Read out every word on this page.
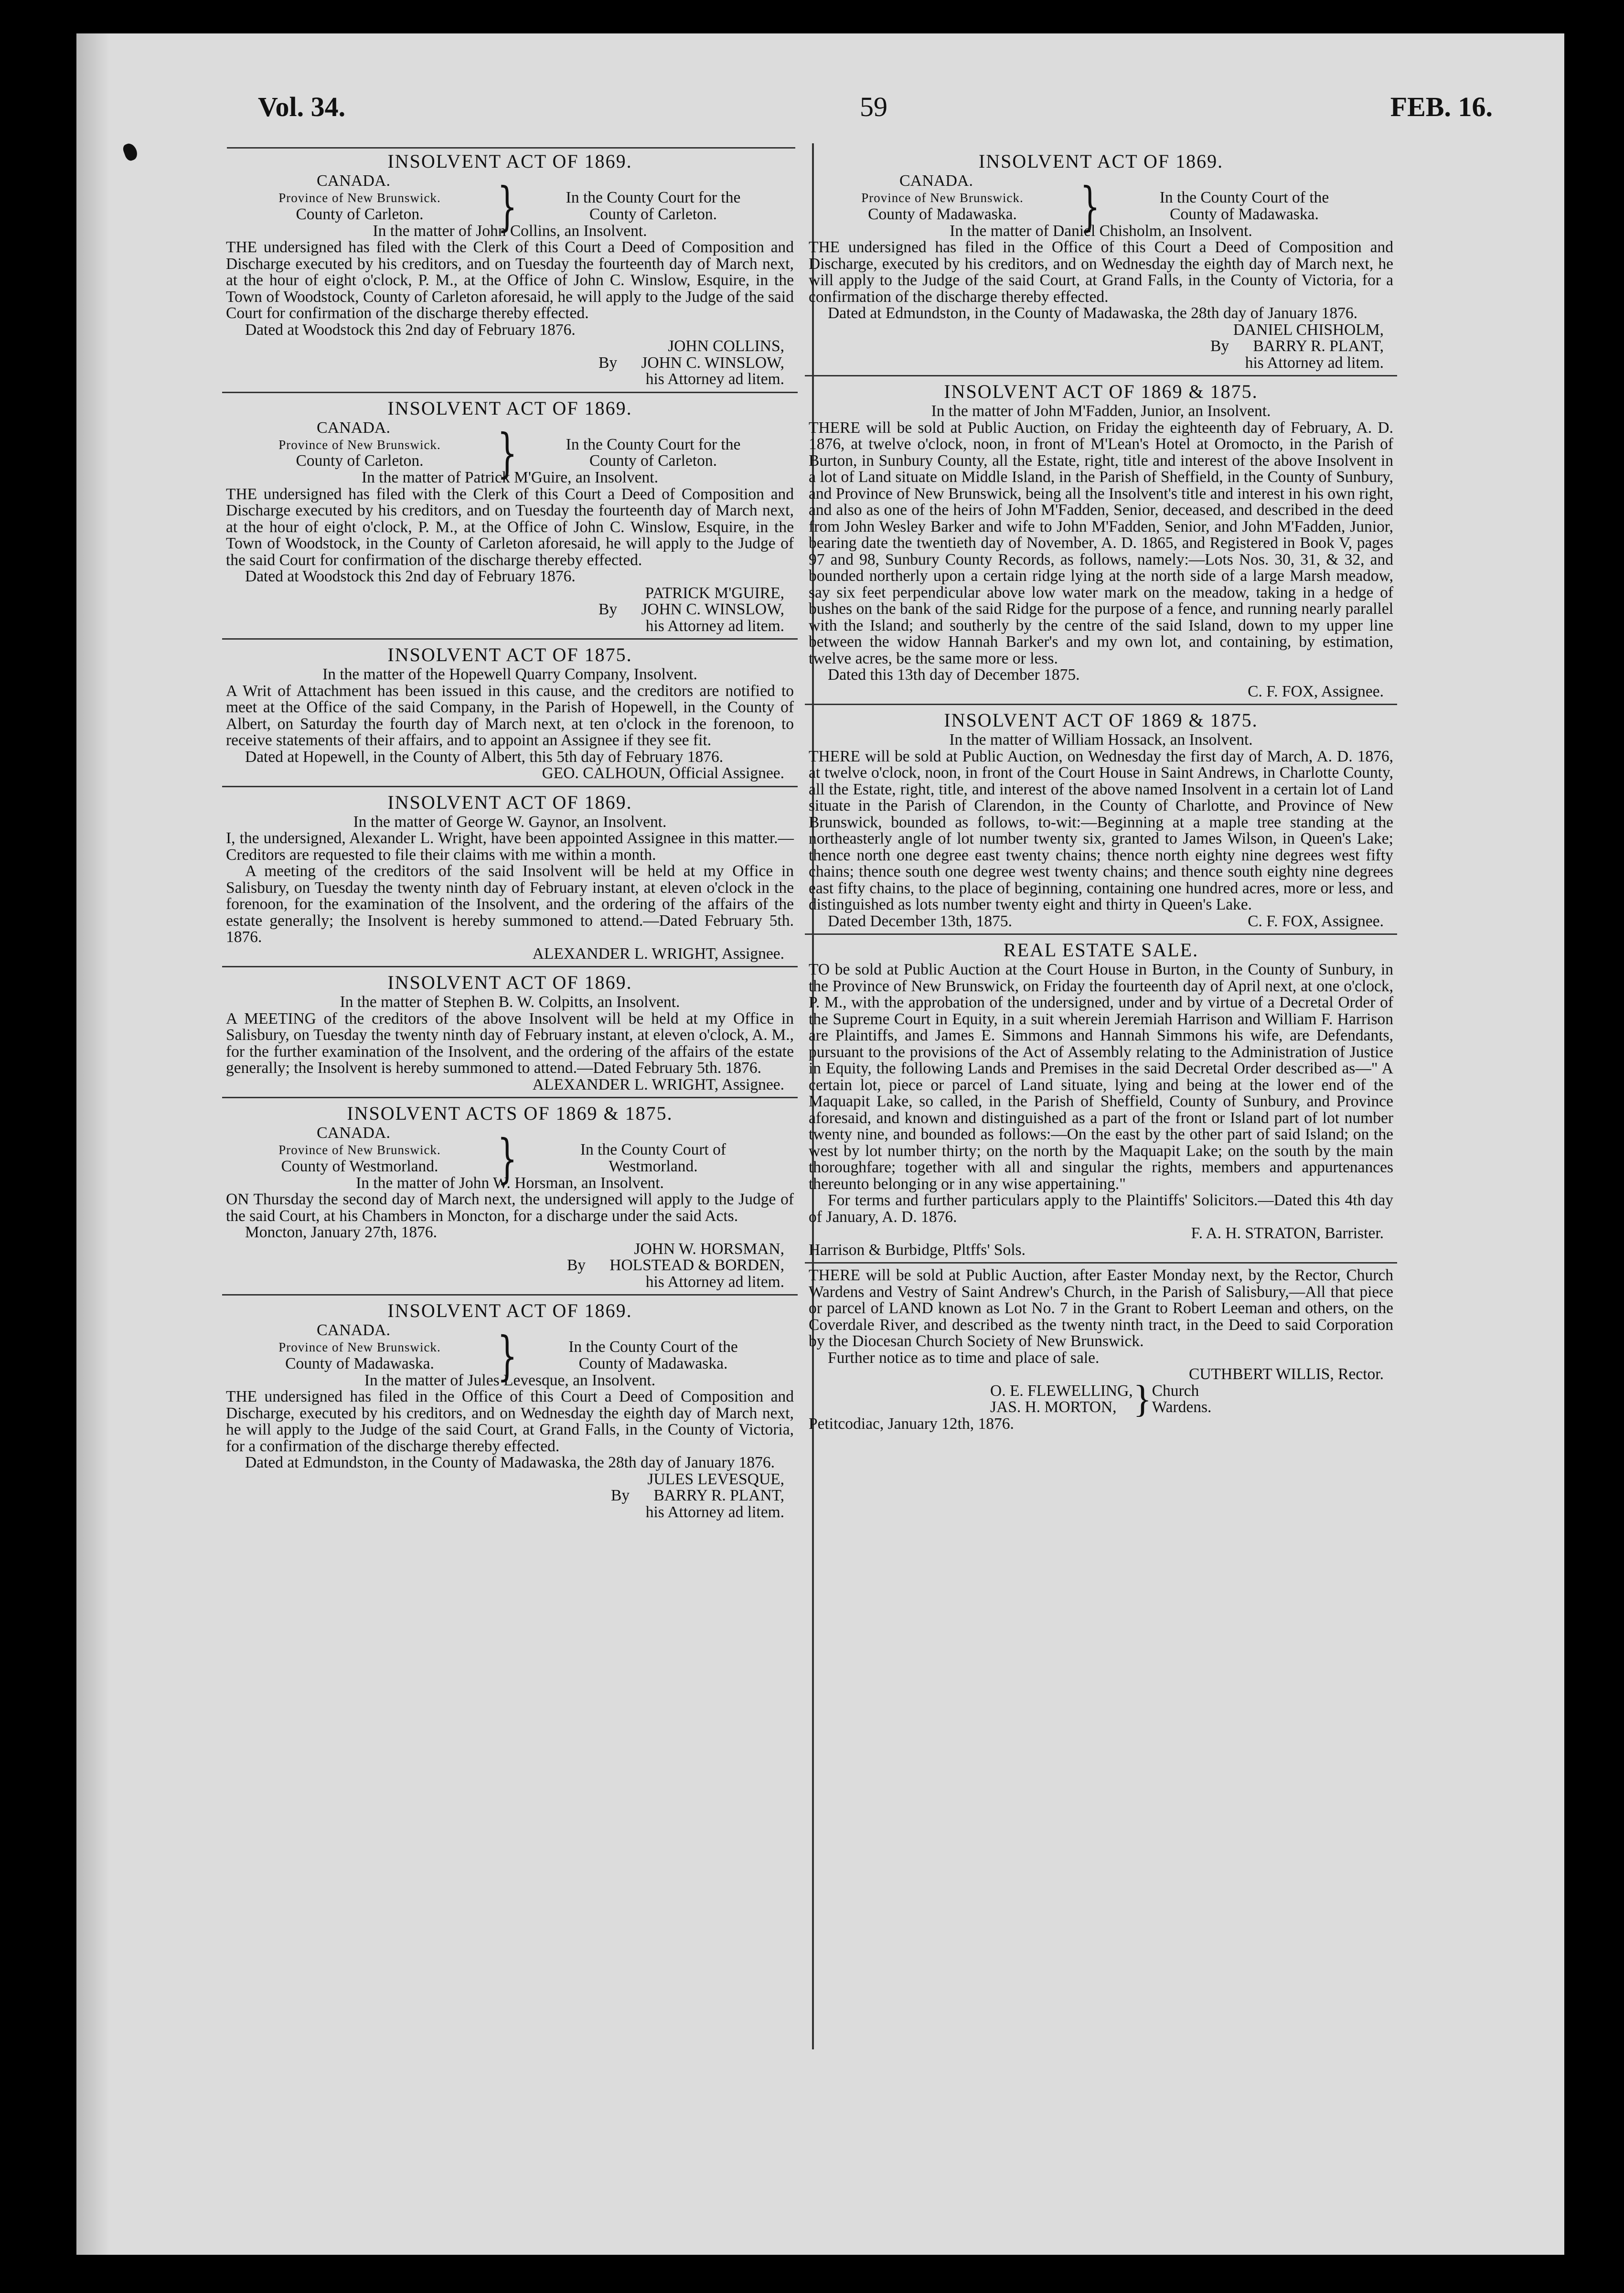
Vol. 34.	59	FEB. 16.
INSOLVENT ACT OF 1869.
CANADA.
Province of New Brunswick.
County of Carleton.	}	In the County Court for the
County of Carleton.
In the matter of John Collins, an Insolvent.
THE undersigned has filed with the Clerk of this Court a Deed of Composition and Discharge executed by his creditors, and on Tuesday the fourteenth day of March next, at the hour of eight o'clock, P. M., at the Office of John C. Winslow, Esquire, in the Town of Woodstock, County of Carleton aforesaid, he will apply to the Judge of the said Court for confirmation of the discharge thereby effected.
Dated at Woodstock this 2nd day of February 1876.
JOHN COLLINS,
By JOHN C. WINSLOW,
his Attorney ad litem.
INSOLVENT ACT OF 1869.
CANADA.
Province of New Brunswick.
County of Carleton.	}	In the County Court for the
County of Carleton.
In the matter of Patrick M'Guire, an Insolvent.
THE undersigned has filed with the Clerk of this Court a Deed of Composition and Discharge executed by his creditors, and on Tuesday the fourteenth day of March next, at the hour of eight o'clock, P. M., at the Office of John C. Winslow, Esquire, in the Town of Woodstock, in the County of Carleton aforesaid, he will apply to the Judge of the said Court for confirmation of the discharge thereby effected.
Dated at Woodstock this 2nd day of February 1876.
PATRICK M'GUIRE,
By JOHN C. WINSLOW,
his Attorney ad litem.
INSOLVENT ACT OF 1875.
In the matter of the Hopewell Quarry Company, Insolvent.
A Writ of Attachment has been issued in this cause, and the creditors are notified to meet at the Office of the said Company, in the Parish of Hopewell, in the County of Albert, on Saturday the fourth day of March next, at ten o'clock in the forenoon, to receive statements of their affairs, and to appoint an Assignee if they see fit.
Dated at Hopewell, in the County of Albert, this 5th day of February 1876.
GEO. CALHOUN, Official Assignee.
INSOLVENT ACT OF 1869.
In the matter of George W. Gaynor, an Insolvent.
I, the undersigned, Alexander L. Wright, have been appointed Assignee in this matter.—Creditors are requested to file their claims with me within a month.
A meeting of the creditors of the said Insolvent will be held at my Office in Salisbury, on Tuesday the twenty ninth day of February instant, at eleven o'clock in the forenoon, for the examination of the Insolvent, and the ordering of the affairs of the estate generally; the Insolvent is hereby summoned to attend.—Dated February 5th. 1876.
ALEXANDER L. WRIGHT, Assignee.
INSOLVENT ACT OF 1869.
In the matter of Stephen B. W. Colpitts, an Insolvent.
A MEETING of the creditors of the above Insolvent will be held at my Office in Salisbury, on Tuesday the twenty ninth day of February instant, at eleven o'clock, A. M., for the further examination of the Insolvent, and the ordering of the affairs of the estate generally; the Insolvent is hereby summoned to attend.—Dated February 5th. 1876.
ALEXANDER L. WRIGHT, Assignee.
INSOLVENT ACTS OF 1869 & 1875.
CANADA.
Province of New Brunswick.
County of Westmorland.	}	In the County Court of
Westmorland.
In the matter of John W. Horsman, an Insolvent.
ON Thursday the second day of March next, the undersigned will apply to the Judge of the said Court, at his Chambers in Moncton, for a discharge under the said Acts.
Moncton, January 27th, 1876.
JOHN W. HORSMAN,
By HOLSTEAD & BORDEN,
his Attorney ad litem.
INSOLVENT ACT OF 1869.
CANADA.
Province of New Brunswick.
County of Madawaska.	}	In the County Court of the
County of Madawaska.
In the matter of Jules Levesque, an Insolvent.
THE undersigned has filed in the Office of this Court a Deed of Composition and Discharge, executed by his creditors, and on Wednesday the eighth day of March next, he will apply to the Judge of the said Court, at Grand Falls, in the County of Victoria, for a confirmation of the discharge thereby effected.
Dated at Edmundston, in the County of Madawaska, the 28th day of January 1876.
JULES LEVESQUE,
By BARRY R. PLANT,
his Attorney ad litem.
INSOLVENT ACT OF 1869.
CANADA.
Province of New Brunswick.
County of Madawaska.	}	In the County Court of the
County of Madawaska.
In the matter of Daniel Chisholm, an Insolvent.
THE undersigned has filed in the Office of this Court a Deed of Composition and Discharge, executed by his creditors, and on Wednesday the eighth day of March next, he will apply to the Judge of the said Court, at Grand Falls, in the County of Victoria, for a confirmation of the discharge thereby effected.
Dated at Edmundston, in the County of Madawaska, the 28th day of January 1876.
DANIEL CHISHOLM,
By BARRY R. PLANT,
his Attorney ad litem.
INSOLVENT ACT OF 1869 & 1875.
In the matter of John M'Fadden, Junior, an Insolvent.
THERE will be sold at Public Auction, on Friday the eighteenth day of February, A. D. 1876, at twelve o'clock, noon, in front of M'Lean's Hotel at Oromocto, in the Parish of Burton, in Sunbury County, all the Estate, right, title and interest of the above Insolvent in a lot of Land situate on Middle Island, in the Parish of Sheffield, in the County of Sunbury, and Province of New Brunswick, being all the Insolvent's title and interest in his own right, and also as one of the heirs of John M'Fadden, Senior, deceased, and described in the deed from John Wesley Barker and wife to John M'Fadden, Senior, and John M'Fadden, Junior, bearing date the twentieth day of November, A. D. 1865, and Registered in Book V, pages 97 and 98, Sunbury County Records, as follows, namely:—Lots Nos. 30, 31, & 32, and bounded northerly upon a certain ridge lying at the north side of a large Marsh meadow, say six feet perpendicular above low water mark on the meadow, taking in a hedge of bushes on the bank of the said Ridge for the purpose of a fence, and running nearly parallel with the Island; and southerly by the centre of the said Island, down to my upper line between the widow Hannah Barker's and my own lot, and containing, by estimation, twelve acres, be the same more or less.
Dated this 13th day of December 1875.
C. F. FOX, Assignee.
INSOLVENT ACT OF 1869 & 1875.
In the matter of William Hossack, an Insolvent.
THERE will be sold at Public Auction, on Wednesday the first day of March, A. D. 1876, at twelve o'clock, noon, in front of the Court House in Saint Andrews, in Charlotte County, all the Estate, right, title, and interest of the above named Insolvent in a certain lot of Land situate in the Parish of Clarendon, in the County of Charlotte, and Province of New Brunswick, bounded as follows, to-wit:—Beginning at a maple tree standing at the northeasterly angle of lot number twenty six, granted to James Wilson, in Queen's Lake; thence north one degree east twenty chains; thence north eighty nine degrees west fifty chains; thence south one degree west twenty chains; and thence south eighty nine degrees east fifty chains, to the place of beginning, containing one hundred acres, more or less, and distinguished as lots number twenty eight and thirty in Queen's Lake.
Dated December 13th, 1875.	C. F. FOX, Assignee.
REAL ESTATE SALE.
TO be sold at Public Auction at the Court House in Burton, in the County of Sunbury, in the Province of New Brunswick, on Friday the fourteenth day of April next, at one o'clock, P. M., with the approbation of the undersigned, under and by virtue of a Decretal Order of the Supreme Court in Equity, in a suit wherein Jeremiah Harrison and William F. Harrison are Plaintiffs, and James E. Simmons and Hannah Simmons his wife, are Defendants, pursuant to the provisions of the Act of Assembly relating to the Administration of Justice in Equity, the following Lands and Premises in the said Decretal Order described as—" A certain lot, piece or parcel of Land situate, lying and being at the lower end of the Maquapit Lake, so called, in the Parish of Sheffield, County of Sunbury, and Province aforesaid, and known and distinguished as a part of the front or Island part of lot number twenty nine, and bounded as follows:—On the east by the other part of said Island; on the west by lot number thirty; on the north by the Maquapit Lake; on the south by the main thoroughfare; together with all and singular the rights, members and appurtenances thereunto belonging or in any wise appertaining."
For terms and further particulars apply to the Plaintiffs' Solicitors.—Dated this 4th day of January, A. D. 1876.
F. A. H. STRATON, Barrister.
Harrison & Burbidge, Pltffs' Sols.
THERE will be sold at Public Auction, after Easter Monday next, by the Rector, Church Wardens and Vestry of Saint Andrew's Church, in the Parish of Salisbury,—All that piece or parcel of LAND known as Lot No. 7 in the Grant to Robert Leeman and others, on the Coverdale River, and described as the twenty ninth tract, in the Deed to said Corporation by the Diocesan Church Society of New Brunswick.
Further notice as to time and place of sale.
CUTHBERT WILLIS, Rector.
O. E. FLEWELLING,
JAS. H. MORTON, } Church
Wardens.
Petitcodiac, January 12th, 1876.
